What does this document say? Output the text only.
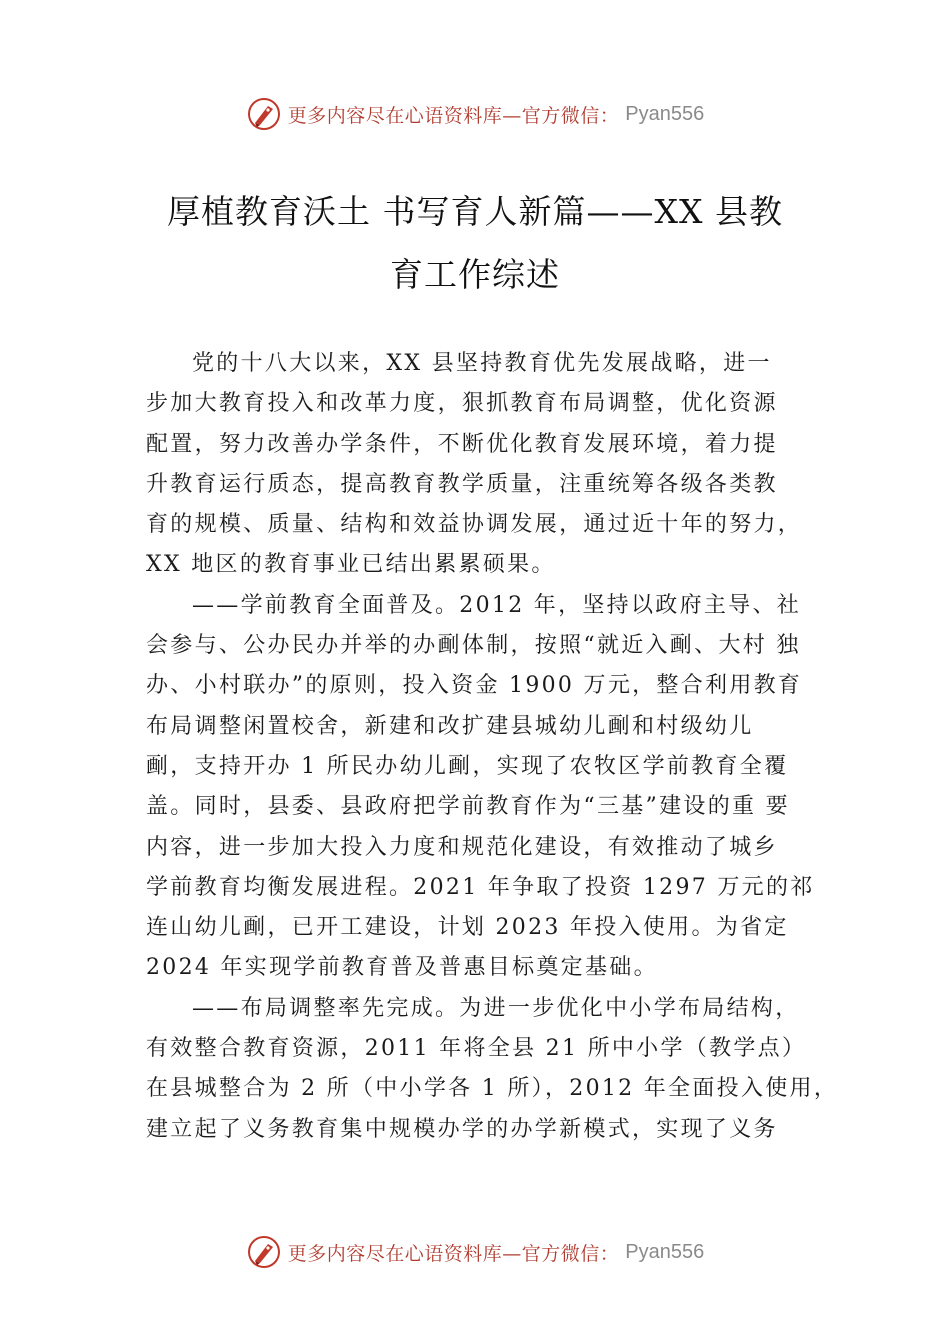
更多内容尽在心语资料库—官方微信： Pyan556
厚植教育沃土 书写育人新篇——XX 县教
育工作综述
党的十八大以来，XX 县坚持教育优先发展战略，进一
步加大教育投入和改革力度，狠抓教育布局调整，优化资源
配置，努力改善办学条件，不断优化教育发展环境，着力提
升教育运行质态，提高教育教学质量，注重统筹各级各类教
育的规模、质量、结构和效益协调发展，通过近十年的努力，
XX 地区的教育事业已结出累累硕果。
——学前教育全面普及。2012 年，坚持以政府主导、社
会参与、公办民办并举的办㓰体制，按照“就近入㓰、大村 独
办、小村联办”的原则，投入资金 1900 万元，整合利用教育
布局调整闲置校舍，新建和改扩建县城幼儿㓰和村级幼儿
㓰，支持开办 1 所民办幼儿㓰，实现了农牧区学前教育全覆
盖。同时，县委、县政府把学前教育作为“三基”建设的重 要
内容，进一步加大投入力度和规范化建设，有效推动了城乡
学前教育均衡发展进程。2021 年争取了投资 1297 万元的祁
连山幼儿㓰，已开工建设，计划 2023 年投入使用。为省定
2024 年实现学前教育普及普惠目标奠定基础。
——布局调整率先完成。为进一步优化中小学布局结构，
有效整合教育资源，2011 年将全县 21 所中小学（教学点）
在县城整合为 2 所（中小学各 1 所），2012 年全面投入使用，
建立起了义务教育集中规模办学的办学新模式，实现了义务
更多内容尽在心语资料库—官方微信： Pyan556
